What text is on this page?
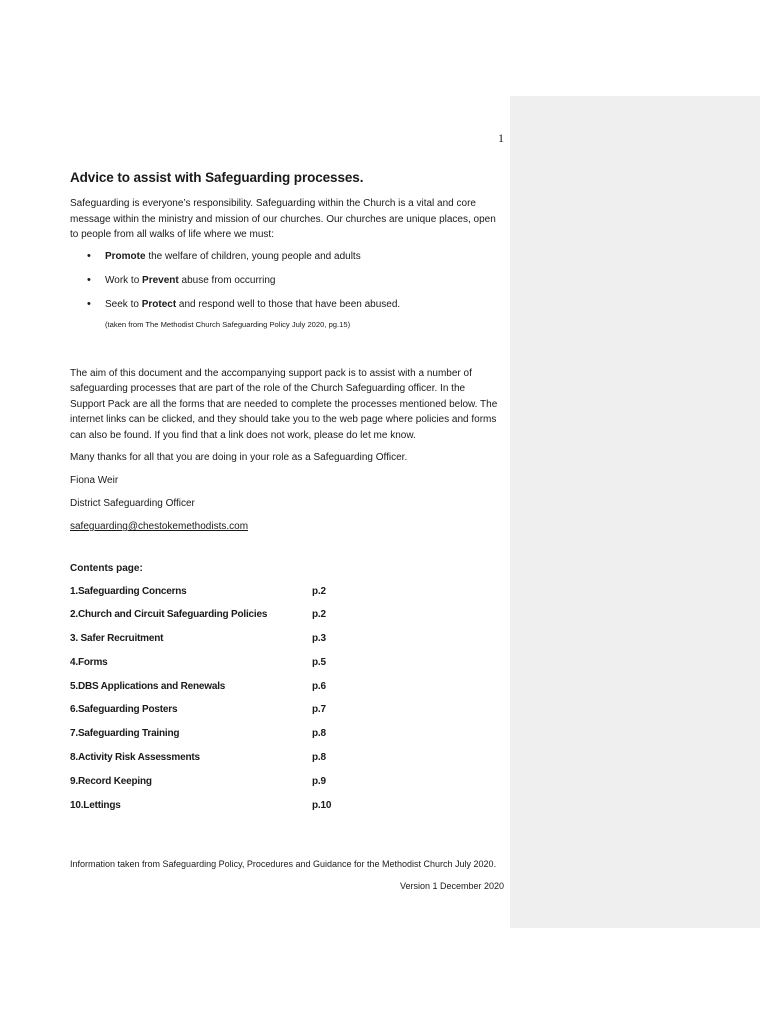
1
Advice to assist with Safeguarding processes.

Safeguarding is everyone’s responsibility. Safeguarding within the Church is a vital and core message within the ministry and mission of our churches. Our churches are unique places, open to people from all walks of life where we must:

• Promote the welfare of children, young people and adults
• Work to Prevent abuse from occurring
• Seek to Protect and respond well to those that have been abused.

(taken from The Methodist Church Safeguarding Policy July 2020, pg.15)

The aim of this document and the accompanying support pack is to assist with a number of safeguarding processes that are part of the role of the Church Safeguarding officer. In the Support Pack are all the forms that are needed to complete the processes mentioned below. The internet links can be clicked, and they should take you to the web page where policies and forms can also be found. If you find that a link does not work, please do let me know.

Many thanks for all that you are doing in your role as a Safeguarding Officer.

Fiona Weir

District Safeguarding Officer

safeguarding@chestokemethodists.com

Contents page:

1.Safeguarding Concerns	p.2
2.Church and Circuit Safeguarding Policies	p.2
3. Safer Recruitment	p.3
4.Forms	p.5
5.DBS Applications and Renewals	p.6
6.Safeguarding Posters	p.7
7.Safeguarding Training	p.8
8.Activity Risk Assessments	p.8
9.Record Keeping	p.9
10.Lettings	p.10
Information taken from Safeguarding Policy, Procedures and Guidance for the Methodist Church July 2020.
Version 1 December 2020
